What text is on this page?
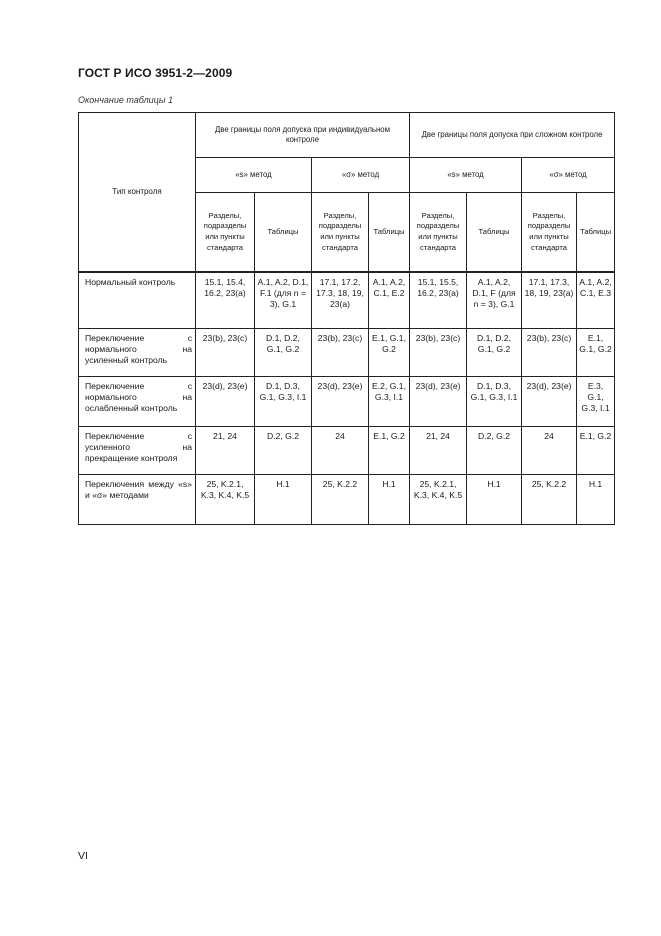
ГОСТ Р ИСО 3951-2—2009
Окончание таблицы 1
Тип контроля	Две границы поля допуска при индивидуальном контроле				Две границы поля допуска при сложном контроле			
	«s» метод		«σ» метод		«s» метод		«σ» метод	
	Разделы, подразделы или пункты стандарта	Таблицы	Разделы, подразделы или пункты стандарта	Таблицы	Разделы, подразделы или пункты стандарта	Таблицы	Разделы, подразделы или пункты стандарта	Таблицы

Нормальный контроль	15.1, 15.4, 16.2, 23(a)	A.1, A.2, D.1, F.1 (для n = 3), G.1	17.1, 17.2, 17.3, 18, 19, 23(a)	A.1, A.2, C.1, E.2	15.1, 15.5, 16.2, 23(a)	A.1, A.2, D.1, F (для n = 3), G.1	17.1, 17.3, 18, 19, 23(a)	A.1, A.2, C.1, E.3
Переключение с нормального на усиленный контроль	23(b), 23(c)	D.1, D.2, G.1, G.2	23(b), 23(c)	E.1, G.1, G.2	23(b), 23(c)	D.1, D.2, G.1, G.2	23(b), 23(c)	E.1, G.1, G.2
Переключение с нормального на ослабленный контроль	23(d), 23(e)	D.1, D.3, G.1, G.3, I.1	23(d), 23(e)	E.2, G.1, G.3, I.1	23(d), 23(e)	D.1, D.3, G.1, G.3, I.1	23(d), 23(e)	E.3, G.1, G.3, I.1
Переключение с усиленного на прекращение контроля	21, 24	D.2, G.2	24	E.1, G.2	21, 24	D.2, G.2	24	E.1, G.2
Переключения между «s» и «σ» методами	25, K.2.1, K.3, K.4, K.5	H.1	25, K.2.2	H.1	25, K.2.1, K.3, K.4, K.5	H.1	25, K.2.2	H.1
VI
